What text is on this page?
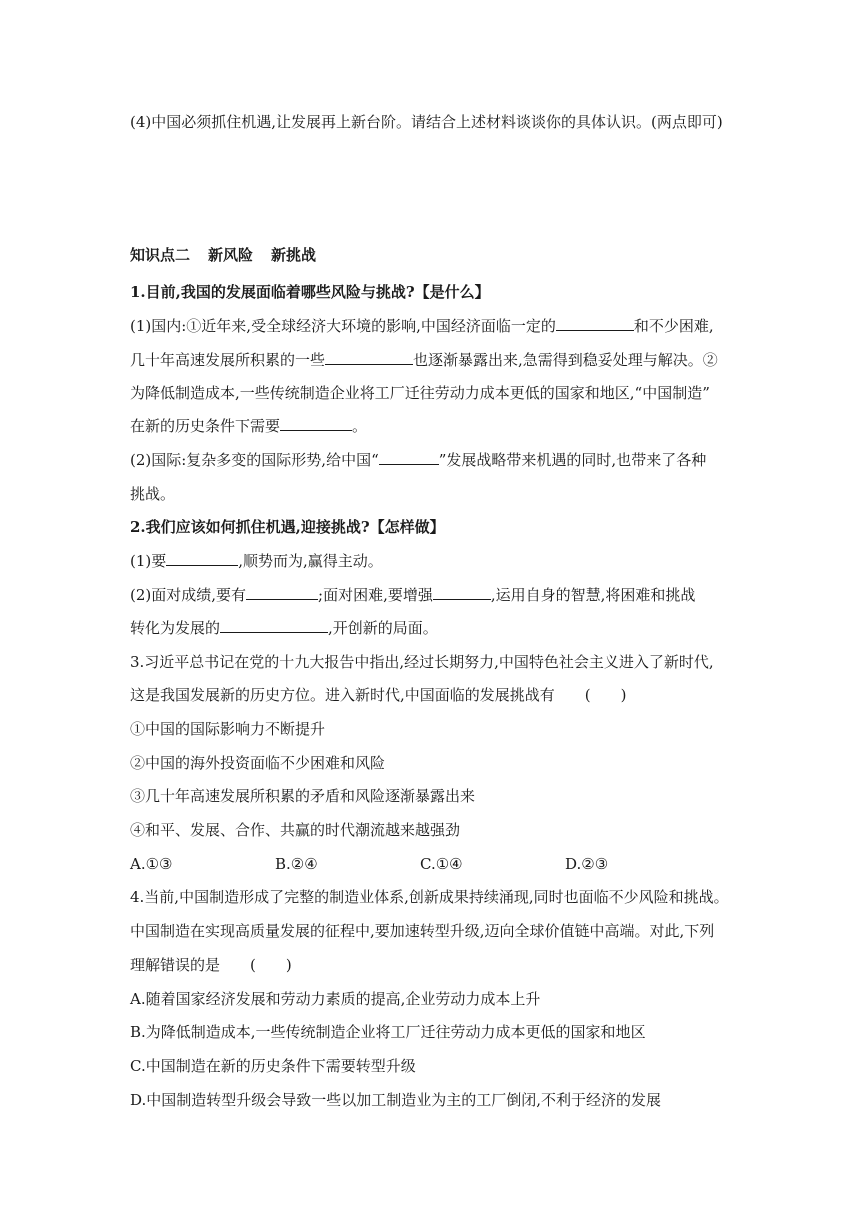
(4)中国必须抓住机遇,让发展再上新台阶。请结合上述材料谈谈你的具体认识。(两点即可)
知识点二 新风险 新挑战
1.目前,我国的发展面临着哪些风险与挑战?【是什么】
(1)国内:①近年来,受全球经济大环境的影响,中国经济面临一定的	和不少困难,
几十年高速发展所积累的一些	也逐渐暴露出来,急需得到稳妥处理与解决。②
为降低制造成本,一些传统制造企业将工厂迁往劳动力成本更低的国家和地区,“中国制造”
在新的历史条件下需要	。
(2)国际:复杂多变的国际形势,给中国“	”发展战略带来机遇的同时,也带来了各种
挑战。
2.我们应该如何抓住机遇,迎接挑战?【怎样做】
(1)要	,顺势而为,赢得主动。
(2)面对成绩,要有	;面对困难,要增强	,运用自身的智慧,将困难和挑战
转化为发展的	,开创新的局面。
3.习近平总书记在党的十九大报告中指出,经过长期努力,中国特色社会主义进入了新时代,
这是我国发展新的历史方位。进入新时代,中国面临的发展挑战有　　(　　)
①中国的国际影响力不断提升
②中国的海外投资面临不少困难和风险
③几十年高速发展所积累的矛盾和风险逐渐暴露出来
④和平、发展、合作、共赢的时代潮流越来越强劲
A.①③	B.②④	C.①④	D.②③
4.当前,中国制造形成了完整的制造业体系,创新成果持续涌现,同时也面临不少风险和挑战。
中国制造在实现高质量发展的征程中,要加速转型升级,迈向全球价值链中高端。对此,下列
理解错误的是　　(　　)
A.随着国家经济发展和劳动力素质的提高,企业劳动力成本上升
B.为降低制造成本,一些传统制造企业将工厂迁往劳动力成本更低的国家和地区
C.中国制造在新的历史条件下需要转型升级
D.中国制造转型升级会导致一些以加工制造业为主的工厂倒闭,不利于经济的发展
